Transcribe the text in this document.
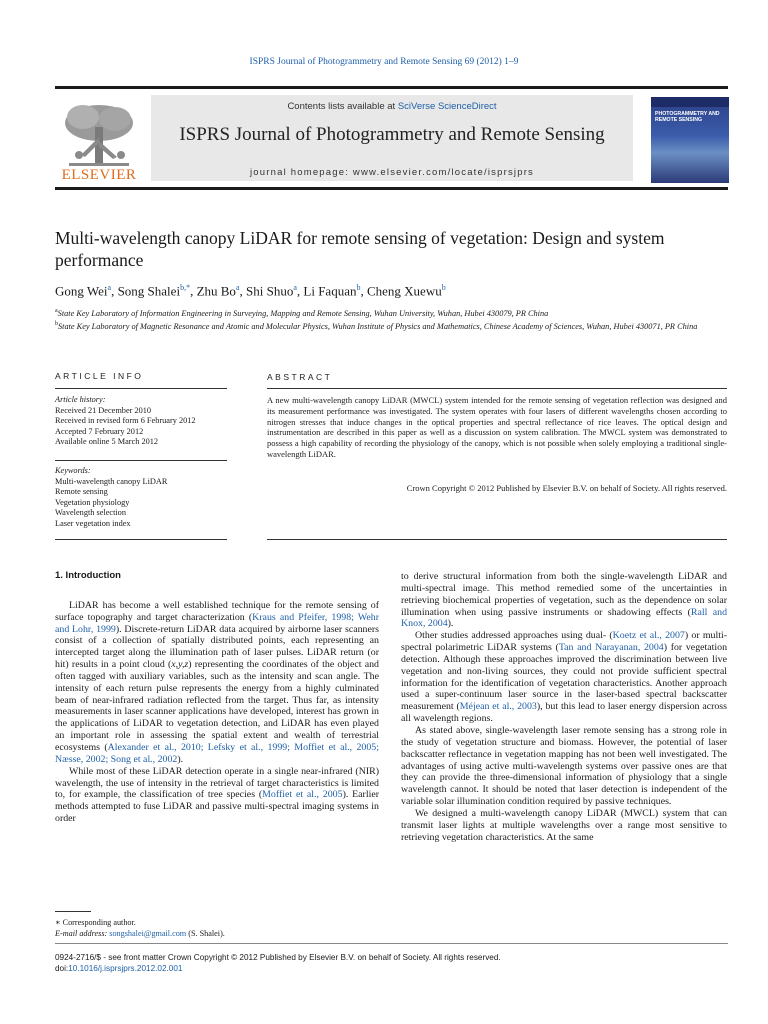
ISPRS Journal of Photogrammetry and Remote Sensing 69 (2012) 1–9
ELSEVIER
Contents lists available at SciVerse ScienceDirect
ISPRS Journal of Photogrammetry and Remote Sensing
journal homepage: www.elsevier.com/locate/isprsjprs
PHOTOGRAMMETRY AND REMOTE SENSING
Multi-wavelength canopy LiDAR for remote sensing of vegetation: Design and system performance
Gong Wei$^a$, Song Shalei$^{b,*}$, Zhu Bo$^a$, Shi Shuo$^a$, Li Faquan$^b$, Cheng Xuewu$^b$
$^a$State Key Laboratory of Information Engineering in Surveying, Mapping and Remote Sensing, Wuhan University, Wuhan, Hubei 430079, PR China
$^b$State Key Laboratory of Magnetic Resonance and Atomic and Molecular Physics, Wuhan Institute of Physics and Mathematics, Chinese Academy of Sciences, Wuhan, Hubei 430071, PR China
ARTICLE INFO	ABSTRACT
Article history:
Received 21 December 2010
Received in revised form 6 February 2012
Accepted 7 February 2012
Available online 5 March 2012
Keywords:
Multi-wavelength canopy LiDAR
Remote sensing
Vegetation physiology
Wavelength selection
Laser vegetation index
A new multi-wavelength canopy LiDAR (MWCL) system intended for the remote sensing of vegetation reflection was designed and its measurement performance was investigated. The system operates with four lasers of different wavelengths chosen according to nitrogen stresses that induce changes in the optical properties and spectral reflectance of rice leaves. The optical design and instrumentation are described in this paper as well as a discussion on system calibration. The MWCL system was demonstrated to possess a high capability of recording the physiology of the canopy, which is not possible when solely employing a traditional single-wavelength LiDAR.
Crown Copyright © 2012 Published by Elsevier B.V. on behalf of Society. All rights reserved.
1. Introduction

LiDAR has become a well established technique for the remote sensing of surface topography and target characterization (Kraus and Pfeifer, 1998; Wehr and Lohr, 1999). Discrete-return LiDAR data acquired by airborne laser scanners consist of a collection of spatially distributed points, each representing an intercepted target along the illumination path of laser pulses. LiDAR return (or hit) results in a point cloud (x,y,z) representing the coordinates of the object and often tagged with auxiliary variables, such as the intensity and scan angle. The intensity of each return pulse represents the energy from a highly culminated beam of near-infrared radiation reflected from the target. Thus far, as intensity measurements in laser scanner applications have developed, interest has grown in the applications of LiDAR to vegetation detection, and LiDAR has even played an important role in assessing the spatial extent and wealth of terrestrial ecosystems (Alexander et al., 2010; Lefsky et al., 1999; Moffiet et al., 2005; Næsse, 2002; Song et al., 2002).

While most of these LiDAR detection operate in a single near-infrared (NIR) wavelength, the use of intensity in the retrieval of target characteristics is limited to, for example, the classification of tree species (Moffiet et al., 2005). Earlier methods attempted to fuse LiDAR and passive multi-spectral imaging systems in order

to derive structural information from both the single-wavelength LiDAR and multi-spectral image. This method remedied some of the uncertainties in retrieving biochemical properties of vegetation, such as the dependence on solar illumination when using passive instruments or shadowing effects (Rall and Knox, 2004).

Other studies addressed approaches using dual- (Koetz et al., 2007) or multi-spectral polarimetric LiDAR systems (Tan and Narayanan, 2004) for vegetation detection. Although these approaches improved the discrimination between live vegetation and non-living sources, they could not provide sufficient spectral information for the identification of vegetation characteristics. Another approach used a super-continuum laser source in the laser-based spectral backscatter measurement (Méjean et al., 2003), but this lead to laser energy dispersion across all wavelength regions.

As stated above, single-wavelength laser remote sensing has a strong role in the study of vegetation structure and biomass. However, the potential of laser backscatter reflectance in vegetation mapping has not been well investigated. The advantages of using active multi-wavelength systems over passive ones are that they can provide the three-dimensional information of physiology that a single wavelength cannot. It should be noted that laser detection is independent of the variable solar illumination condition required by passive techniques.

We designed a multi-wavelength canopy LiDAR (MWCL) system that can transmit laser lights at multiple wavelengths over a range most sensitive to retrieving vegetation characteristics. At the same

∗ Corresponding author.
E-mail address: songshalei@gmail.com (S. Shalei).
0924-2716/$ - see front matter Crown Copyright © 2012 Published by Elsevier B.V. on behalf of Society. All rights reserved.
doi:10.1016/j.isprsjprs.2012.02.001
